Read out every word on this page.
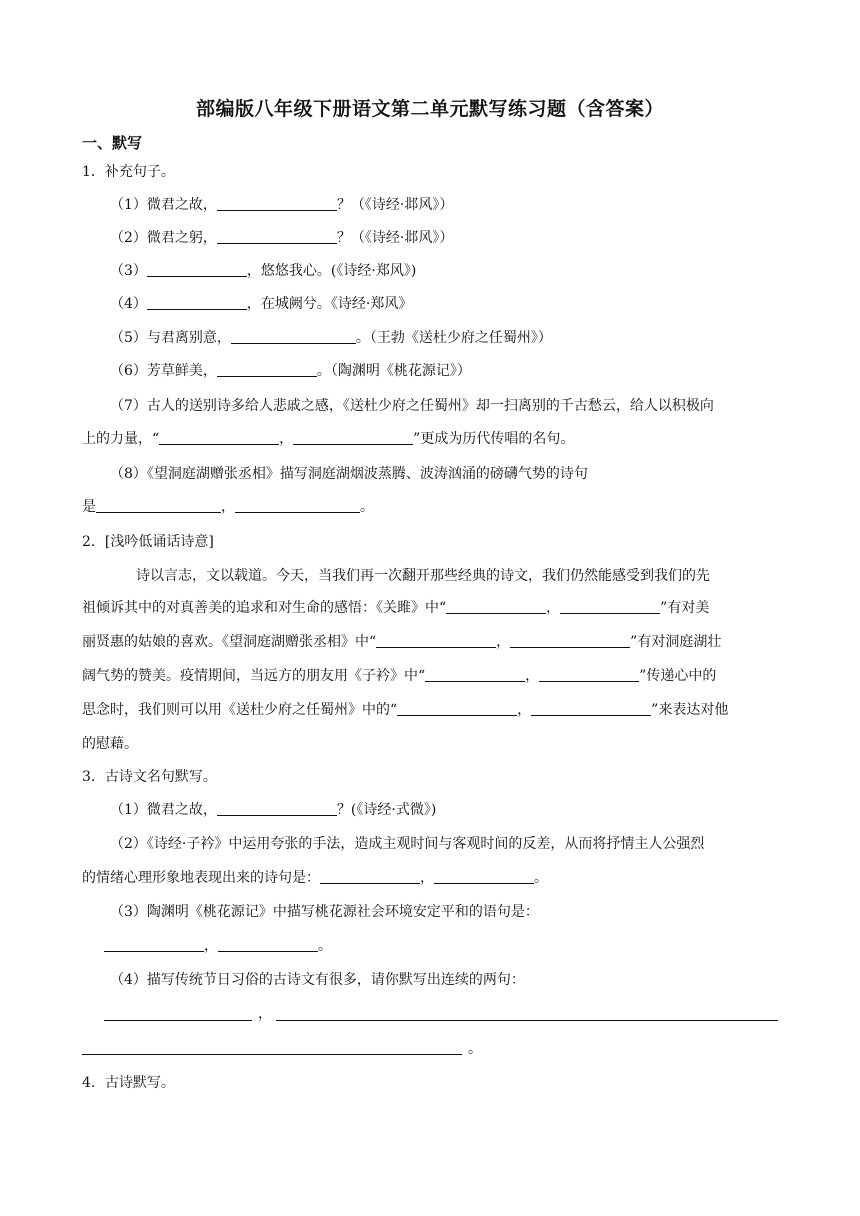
部编版八年级下册语文第二单元默写练习题（含答案）
一、默写
1．补充句子。
（1）微君之故，	？（《诗经·邶风》）
（2）微君之躬，	？（《诗经·邶风》）
（3）	，悠悠我心。(《诗经·郑风》)
（4）	，在城阙兮。《诗经·郑风》
（5）与君离别意，	。（王勃《送杜少府之任蜀州》）
（6）芳草鲜美，	。（陶渊明《桃花源记》）
（7）古人的送别诗多给人悲戚之感，《送杜少府之任蜀州》却一扫离别的千古愁云，给人以积极向
上的力量，“	，	”更成为历代传唱的名句。
（8）《望洞庭湖赠张丞相》描写洞庭湖烟波蒸腾、波涛汹涌的磅礴气势的诗句
是	，	。
2．[浅吟低诵话诗意]
诗以言志，文以载道。今天，当我们再一次翻开那些经典的诗文，我们仍然能感受到我们的先
祖倾诉其中的对真善美的追求和对生命的感悟：《关雎》中“	，	”有对美
丽贤惠的姑娘的喜欢。《望洞庭湖赠张丞相》中“	，	”有对洞庭湖壮
阔气势的赞美。疫情期间，当远方的朋友用《子衿》中“	，	”传递心中的
思念时，我们则可以用《送杜少府之任蜀州》中的“	，	”来表达对他
的慰藉。
3．古诗文名句默写。
（1）微君之故，	？(《诗经·式微》)
（2）《诗经·子衿》中运用夸张的手法，造成主观时间与客观时间的反差，从而将抒情主人公强烈
的情绪心理形象地表现出来的诗句是：	，	。
（3）陶渊明《桃花源记》中描写桃花源社会环境安定平和的语句是：
，	。
（4）描写传统节日习俗的古诗文有很多，请你默写出连续的两句：
，
。
4．古诗默写。
